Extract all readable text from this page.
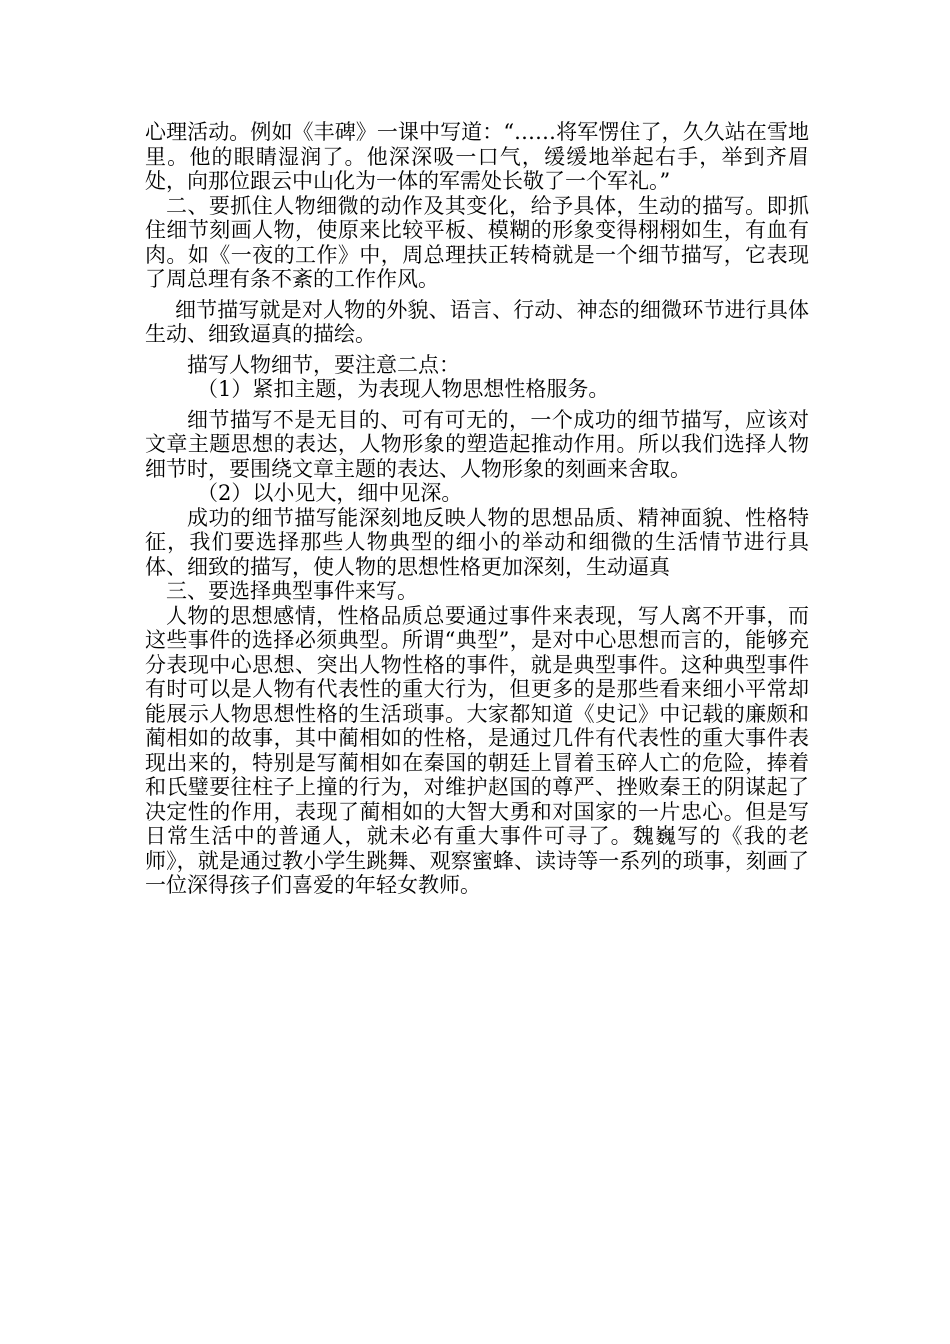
心理活动。例如《丰碑》一课中写道：“……将军愣住了，久久站在雪地里。他的眼睛湿润了。他深深吸一口气，缓缓地举起右手，举到齐眉处，向那位跟云中山化为一体的军需处长敬了一个军礼。”

二、要抓住人物细微的动作及其变化，给予具体，生动的描写。即抓住细节刻画人物，使原来比较平板、模糊的形象变得栩栩如生，有血有肉。如《一夜的工作》中，周总理扶正转椅就是一个细节描写，它表现了周总理有条不紊的工作作风。

细节描写就是对人物的外貌、语言、行动、神态的细微环节进行具体生动、细致逼真的描绘。

描写人物细节，要注意二点：

（1）紧扣主题，为表现人物思想性格服务。

细节描写不是无目的、可有可无的，一个成功的细节描写，应该对文章主题思想的表达，人物形象的塑造起推动作用。所以我们选择人物细节时，要围绕文章主题的表达、人物形象的刻画来舍取。

（2）以小见大，细中见深。

成功的细节描写能深刻地反映人物的思想品质、精神面貌、性格特征，我们要选择那些人物典型的细小的举动和细微的生活情节进行具体、细致的描写，使人物的思想性格更加深刻，生动逼真

三、要选择典型事件来写。

人物的思想感情，性格品质总要通过事件来表现，写人离不开事，而这些事件的选择必须典型。所谓“典型”，是对中心思想而言的，能够充分表现中心思想、突出人物性格的事件，就是典型事件。这种典型事件有时可以是人物有代表性的重大行为，但更多的是那些看来细小平常却能展示人物思想性格的生活琐事。大家都知道《史记》中记载的廉颇和蔺相如的故事，其中蔺相如的性格，是通过几件有代表性的重大事件表现出来的，特别是写蔺相如在秦国的朝廷上冒着玉碎人亡的危险，捧着和氏璧要往柱子上撞的行为，对维护赵国的尊严、挫败秦王的阴谋起了决定性的作用，表现了蔺相如的大智大勇和对国家的一片忠心。但是写日常生活中的普通人，就未必有重大事件可寻了。魏巍写的《我的老师》，就是通过教小学生跳舞、观察蜜蜂、读诗等一系列的琐事，刻画了一位深得孩子们喜爱的年轻女教师。
